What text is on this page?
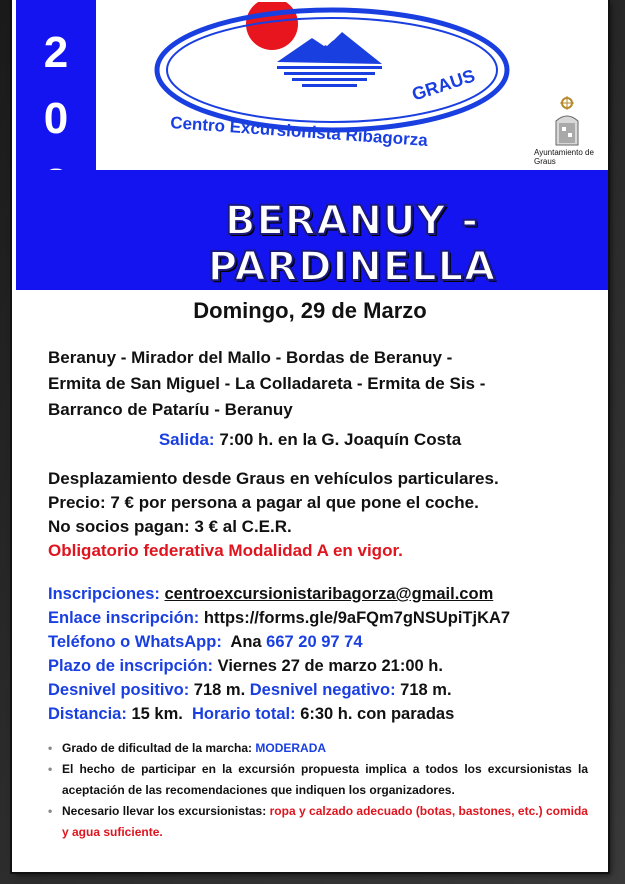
2
0
GRAUS
Centro Excursionista Ribagorza
Ayuntamiento de Graus
BERANUY - PARDINELLA
Domingo, 29 de Marzo
Beranuy - Mirador del Mallo - Bordas de Beranuy -
Ermita de San Miguel - La Colladareta - Ermita de Sis -
Barranco de Pataríu - Beranuy
Salida: 7:00 h. en la G. Joaquín Costa
Desplazamiento desde Graus en vehículos particulares.
Precio: 7 € por persona a pagar al que pone el coche.
No socios pagan: 3 € al C.E.R.
Obligatorio federativa Modalidad A en vigor.
Inscripciones: centroexcursionistaribagorza@gmail.com
Enlace inscripción: https://forms.gle/9aFQm7gNSUpiTjKA7
Teléfono o WhatsApp: Ana 667 20 97 74
Plazo de inscripción: Viernes 27 de marzo 21:00 h.
Desnivel positivo: 718 m. Desnivel negativo: 718 m.
Distancia: 15 km. Horario total: 6:30 h. con paradas
• Grado de dificultad de la marcha: MODERADA
• El hecho de participar en la excursión propuesta implica a todos los excursionistas la aceptación de las recomendaciones que indiquen los organizadores.
• Necesario llevar los excursionistas: ropa y calzado adecuado (botas, bastones, etc.) comida y agua suficiente.
